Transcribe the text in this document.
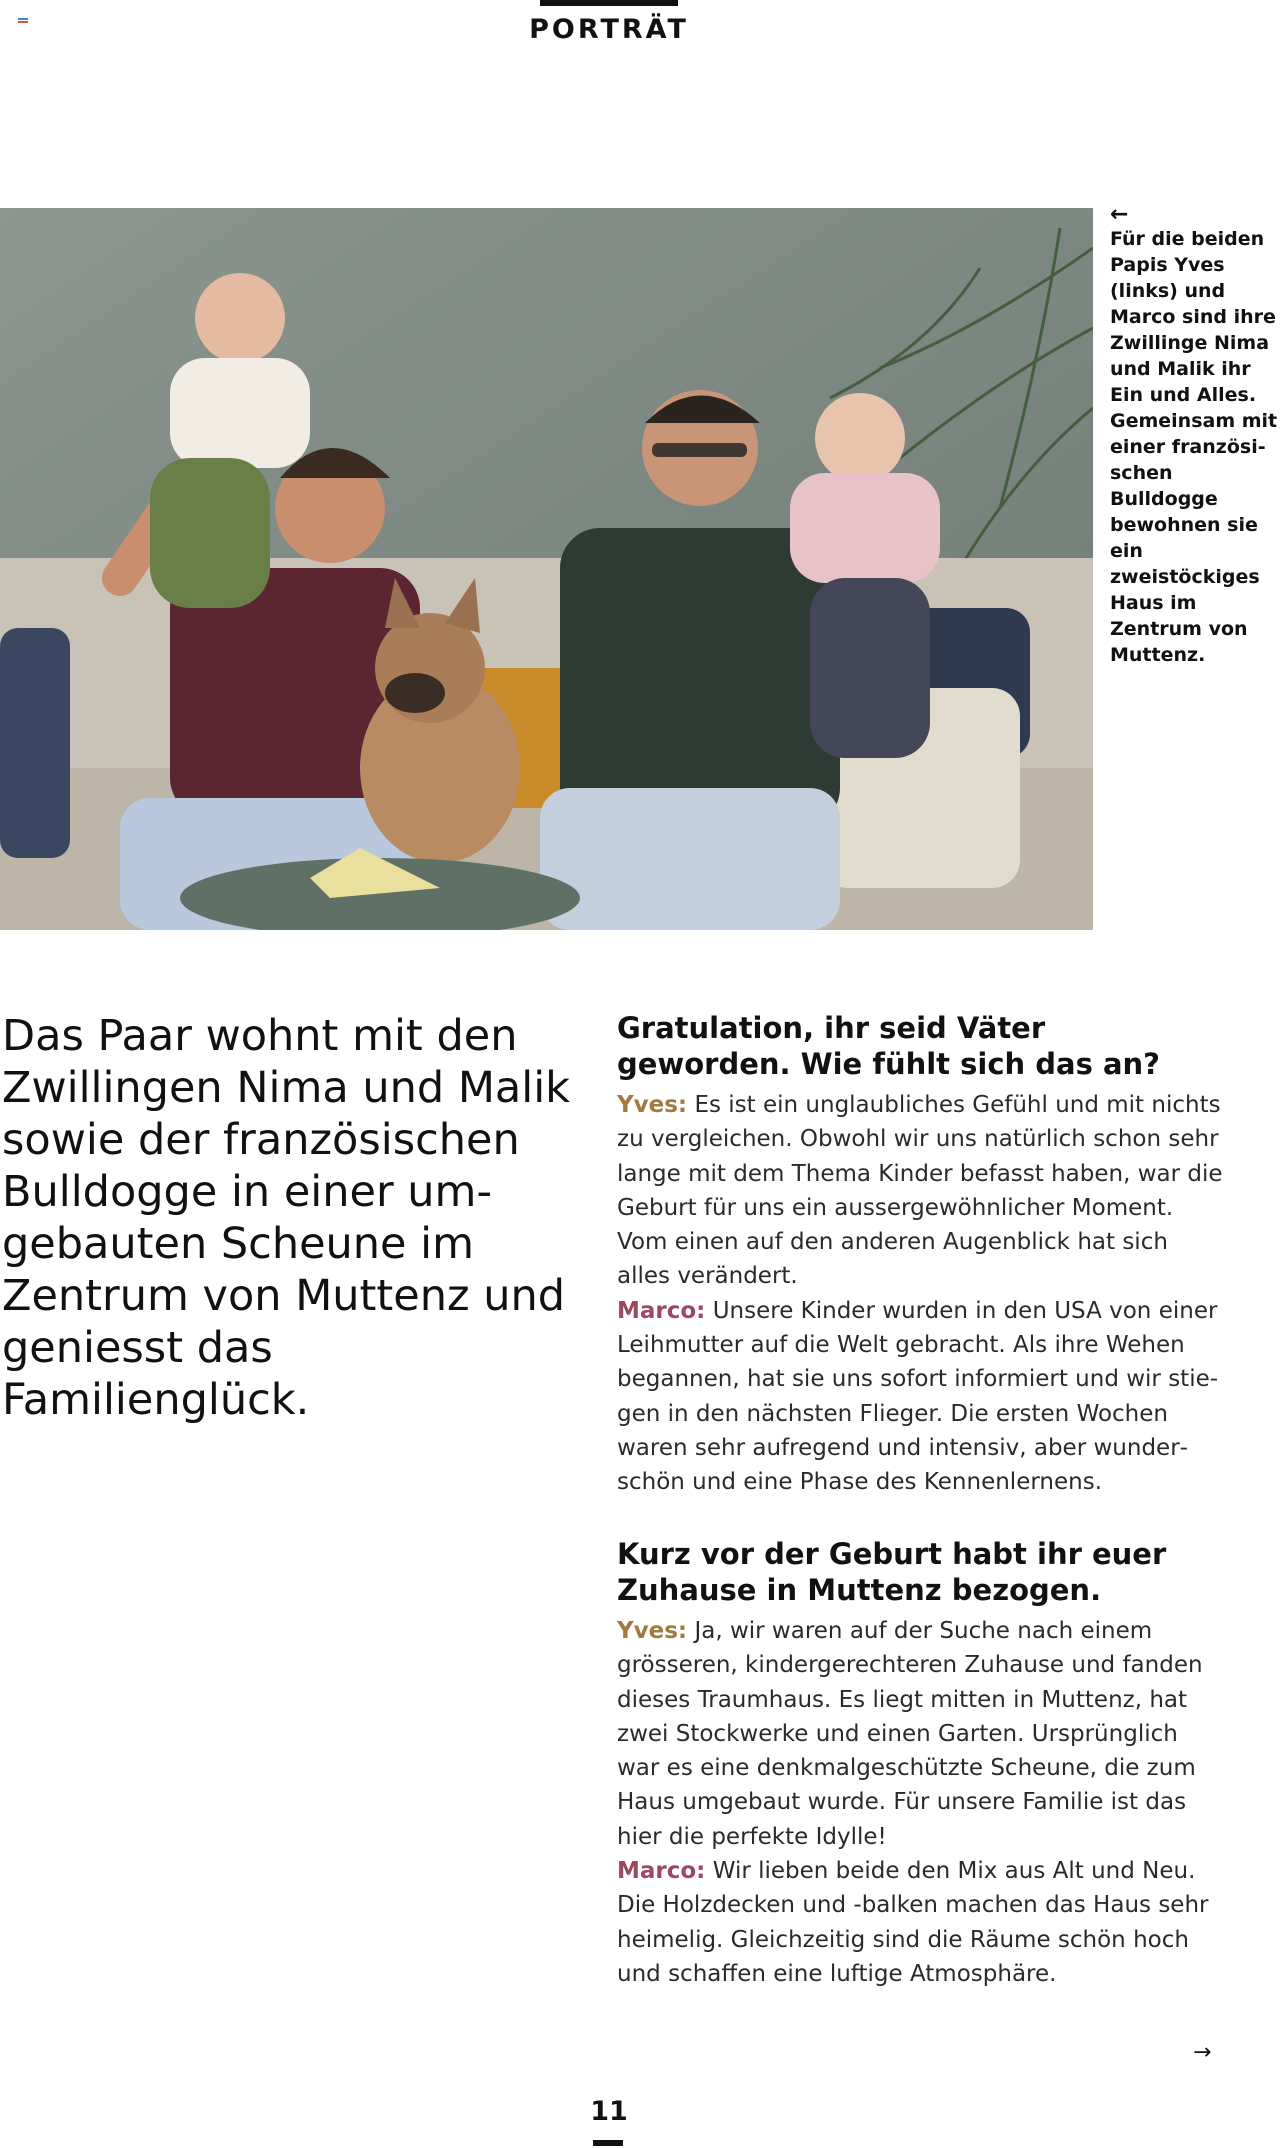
PORTRÄT
←
Für die beiden Papis Yves (links) und Marco sind ihre Zwillinge Nima und Malik ihr Ein und Alles. Gemeinsam mit einer französischen Bulldogge bewohnen sie ein zweistöckiges Haus im Zentrum von Muttenz.
Das Paar wohnt mit den Zwillingen Nima und Malik sowie der französischen Bulldogge in einer umgebauten Scheune im Zentrum von Muttenz und geniesst das Familienglück.

Gratulation, ihr seid Väter geworden. Wie fühlt sich das an?

Yves: Es ist ein unglaubliches Gefühl und mit nichts zu vergleichen. Obwohl wir uns natürlich schon sehr lange mit dem Thema Kinder befasst haben, war die Geburt für uns ein aussergewöhnlicher Moment. Vom einen auf den anderen Augenblick hat sich alles verändert.

Marco: Unsere Kinder wurden in den USA von einer Leihmutter auf die Welt gebracht. Als ihre Wehen begannen, hat sie uns sofort informiert und wir stiegen in den nächsten Flieger. Die ersten Wochen waren sehr aufregend und intensiv, aber wunderschön und eine Phase des Kennenlernens.

Kurz vor der Geburt habt ihr euer Zuhause in Muttenz bezogen.

Yves: Ja, wir waren auf der Suche nach einem grösseren, kindergerechteren Zuhause und fanden dieses Traumhaus. Es liegt mitten in Muttenz, hat zwei Stockwerke und einen Garten. Ursprünglich war es eine denkmalgeschützte Scheune, die zum Haus umgebaut wurde. Für unsere Familie ist das hier die perfekte Idylle!

Marco: Wir lieben beide den Mix aus Alt und Neu. Die Holzdecken und -balken machen das Haus sehr heimelig. Gleichzeitig sind die Räume schön hoch und schaffen eine luftige Atmosphäre.

→
11
